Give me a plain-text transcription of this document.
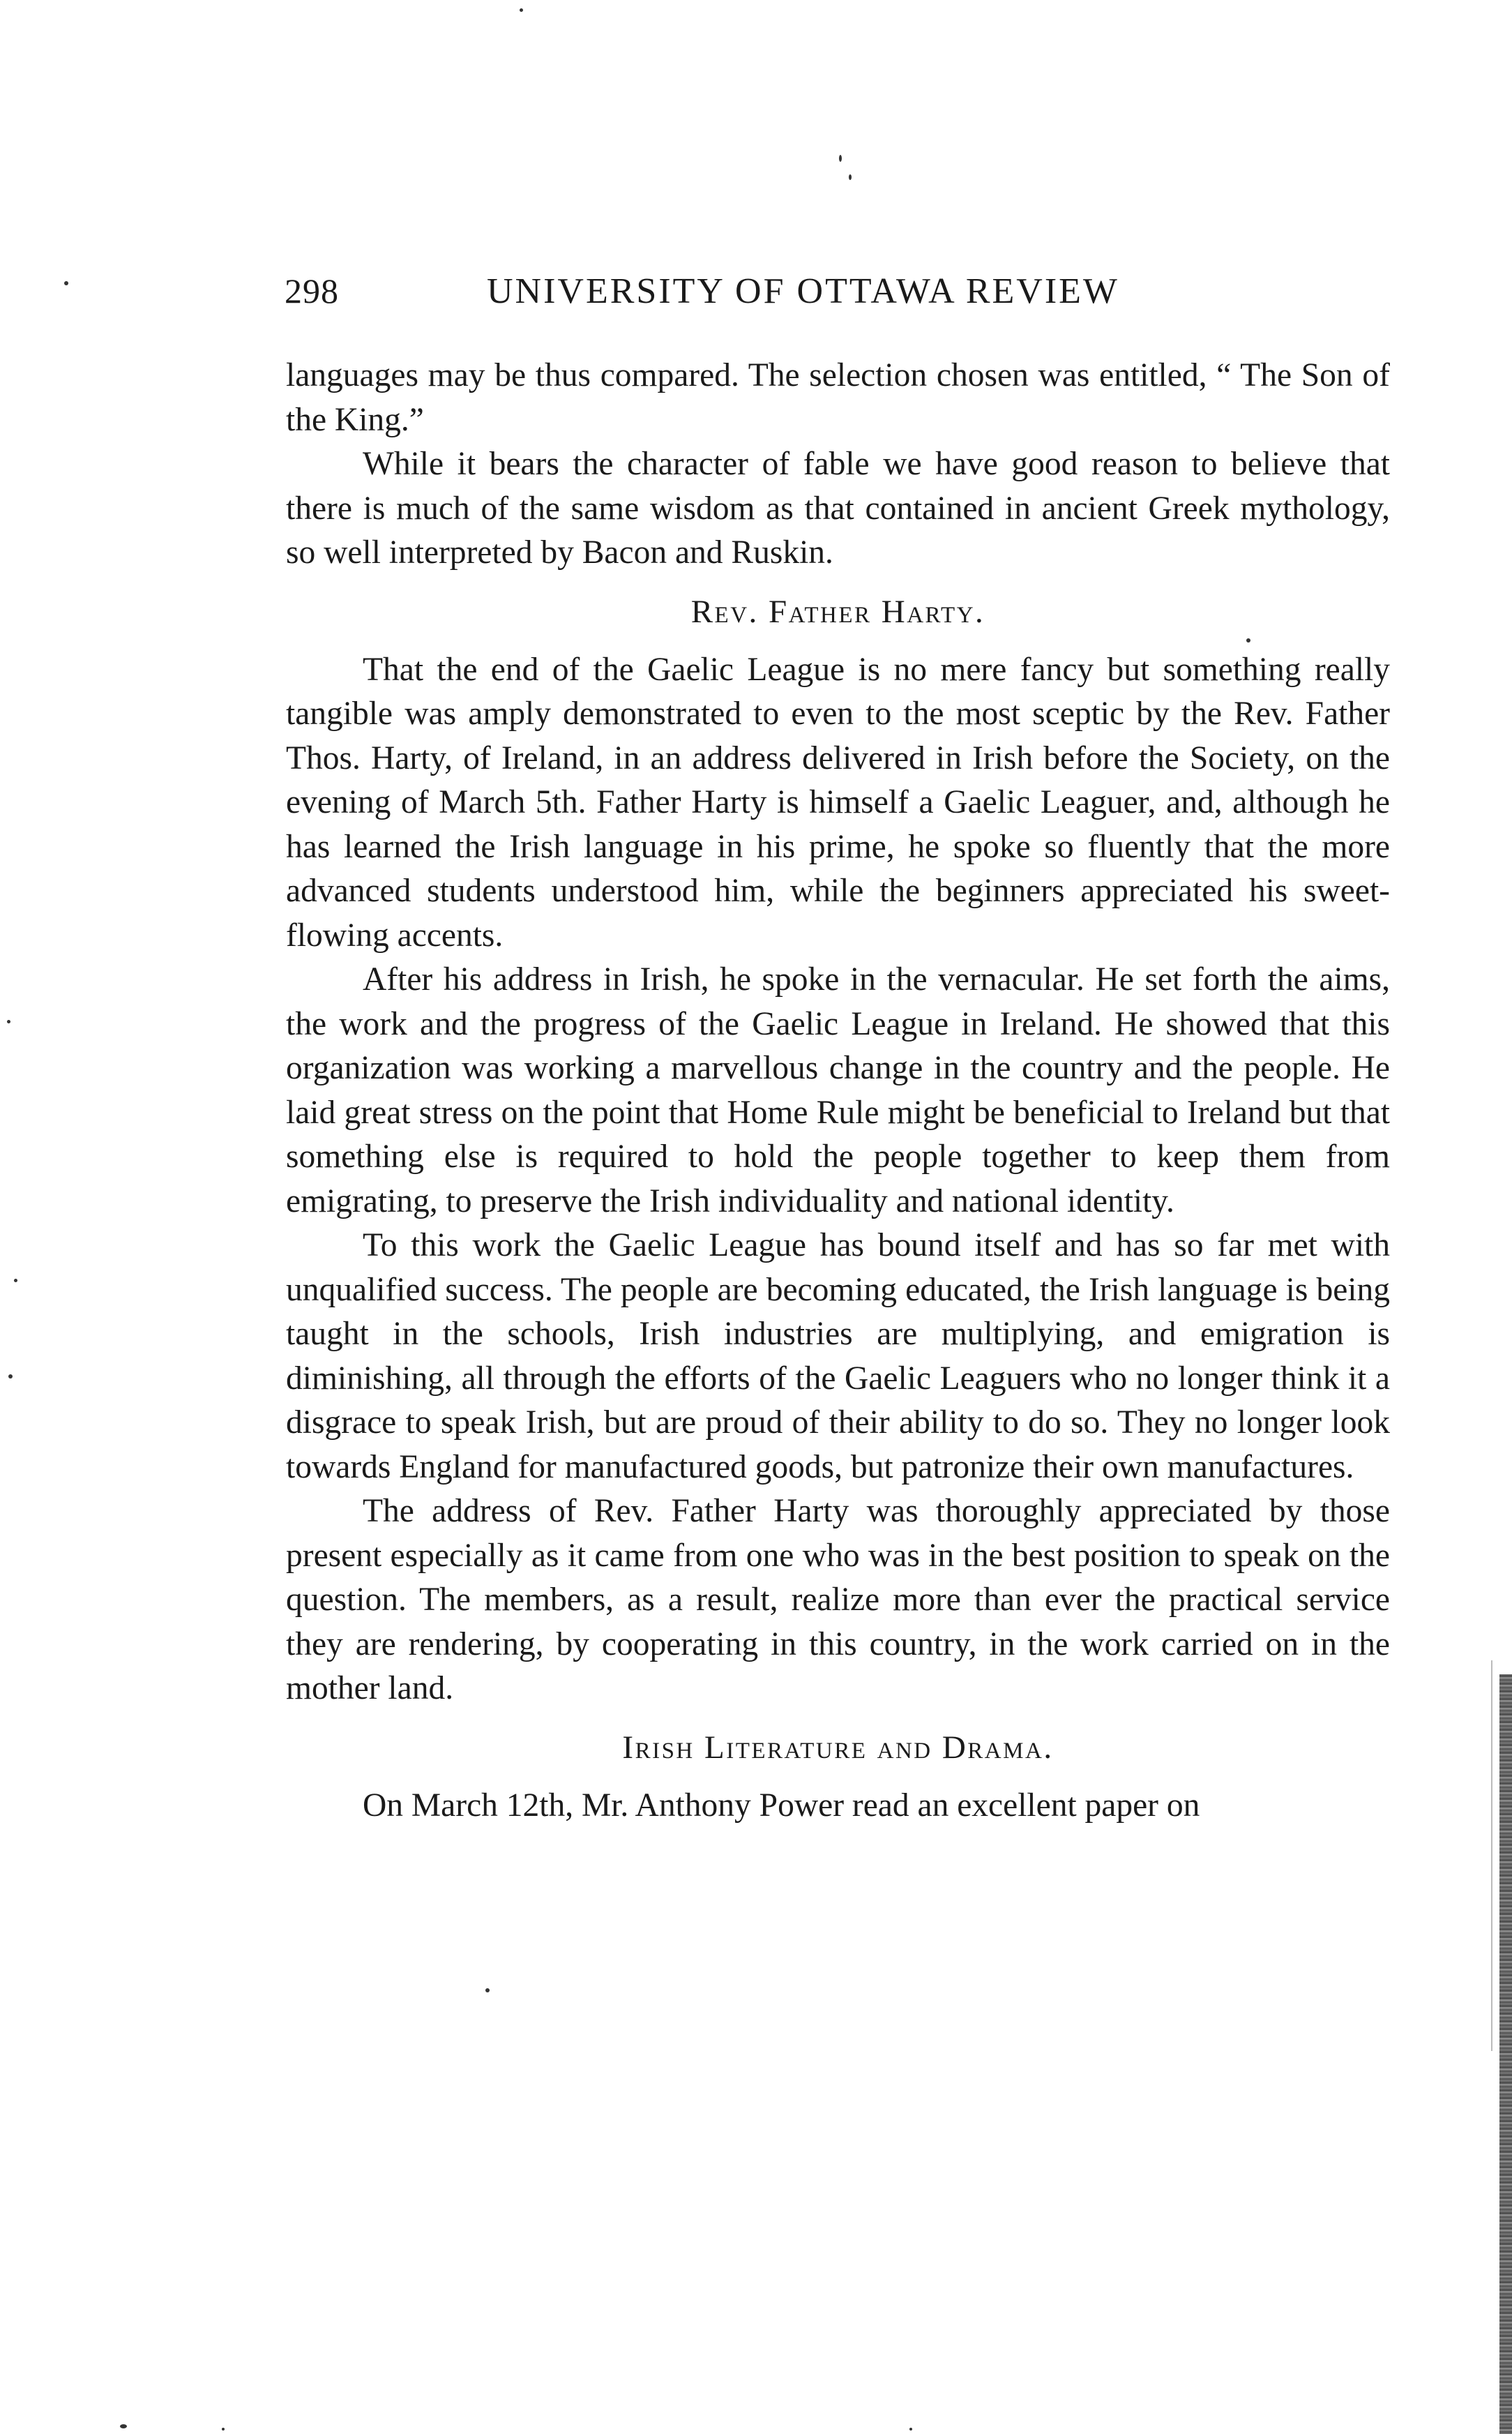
298	UNIVERSITY OF OTTAWA REVIEW

languages may be thus compared. The selection chosen was entitled, “ The Son of the King.”

While it bears the character of fable we have good reason to believe that there is much of the same wisdom as that contained in ancient Greek mythology, so well interpreted by Bacon and Ruskin.

Rev. Father Harty.

That the end of the Gaelic League is no mere fancy but something really tangible was amply demonstrated to even to the most sceptic by the Rev. Father Thos. Harty, of Ireland, in an address delivered in Irish before the Society, on the evening of March 5th. Father Harty is himself a Gaelic Leaguer, and, although he has learned the Irish language in his prime, he spoke so fluently that the more advanced students understood him, while the beginners appreciated his sweet-flowing accents.

After his address in Irish, he spoke in the vernacular. He set forth the aims, the work and the progress of the Gaelic League in Ireland. He showed that this organization was working a marvellous change in the country and the people. He laid great stress on the point that Home Rule might be beneficial to Ireland but that something else is required to hold the people together to keep them from emigrating, to preserve the Irish individuality and national identity.

To this work the Gaelic League has bound itself and has so far met with unqualified success. The people are becoming educated, the Irish language is being taught in the schools, Irish industries are multiplying, and emigration is diminishing, all through the efforts of the Gaelic Leaguers who no longer think it a disgrace to speak Irish, but are proud of their ability to do so. They no longer look towards England for manufactured goods, but patronize their own manufactures.

The address of Rev. Father Harty was thoroughly appreciated by those present especially as it came from one who was in the best position to speak on the question. The members, as a result, realize more than ever the practical service they are rendering, by cooperating in this country, in the work carried on in the mother land.

Irish Literature and Drama.

On March 12th, Mr. Anthony Power read an excellent paper on
